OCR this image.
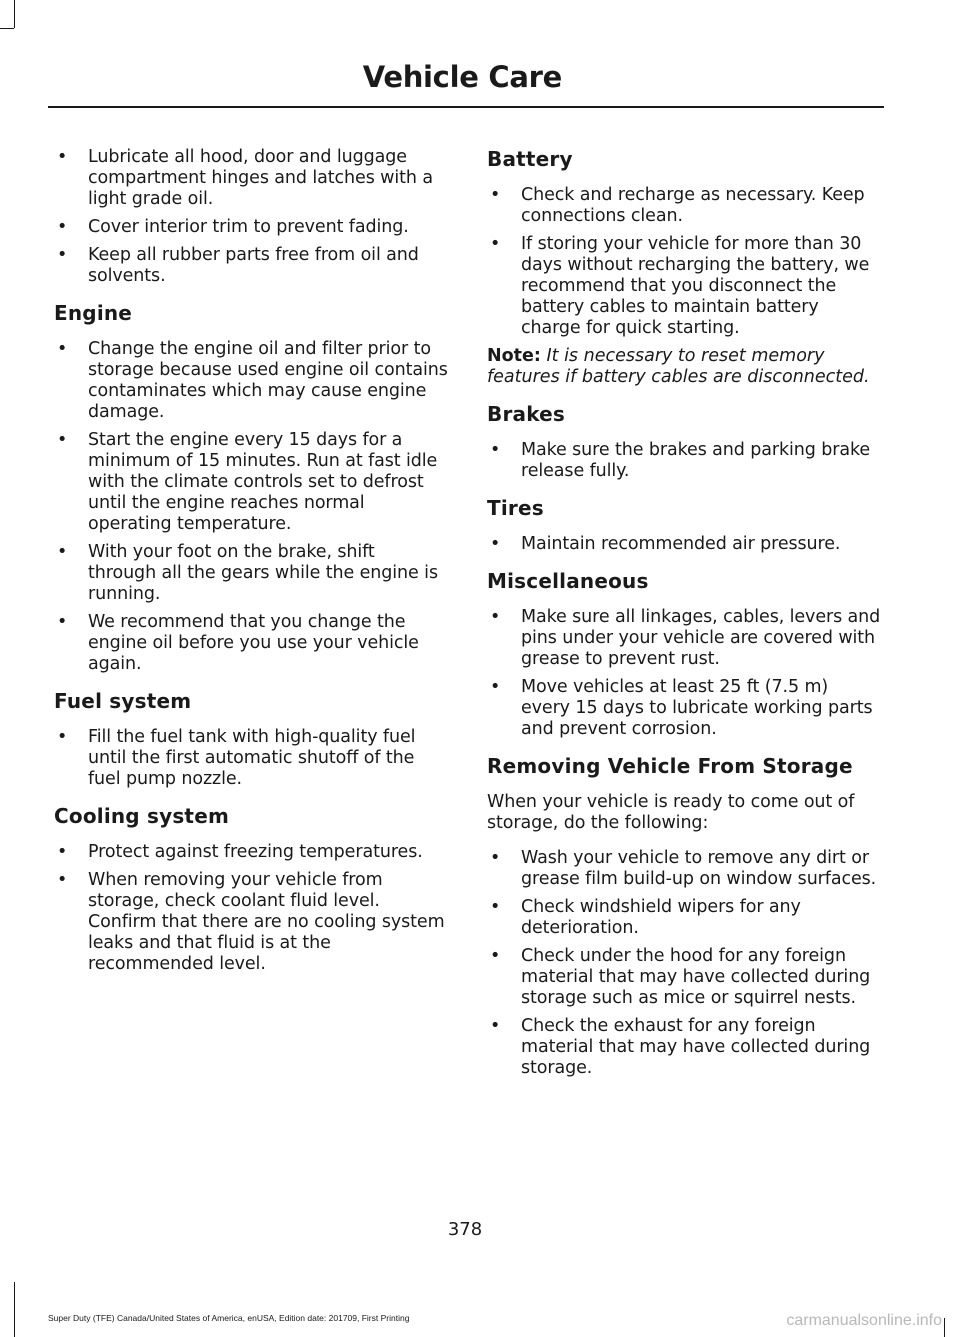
Vehicle Care
• Lubricate all hood, door and luggage compartment hinges and latches with a light grade oil.
• Cover interior trim to prevent fading.
• Keep all rubber parts free from oil and solvents.
Engine
• Change the engine oil and filter prior to storage because used engine oil contains contaminates which may cause engine damage.
• Start the engine every 15 days for a minimum of 15 minutes. Run at fast idle with the climate controls set to defrost until the engine reaches normal operating temperature.
• With your foot on the brake, shift through all the gears while the engine is running.
• We recommend that you change the engine oil before you use your vehicle again.
Fuel system
• Fill the fuel tank with high-quality fuel until the first automatic shutoff of the fuel pump nozzle.
Cooling system
• Protect against freezing temperatures.
• When removing your vehicle from storage, check coolant fluid level. Confirm that there are no cooling system leaks and that fluid is at the recommended level.
Battery
• Check and recharge as necessary. Keep connections clean.
• If storing your vehicle for more than 30 days without recharging the battery, we recommend that you disconnect the battery cables to maintain battery charge for quick starting.

Note: It is necessary to reset memory features if battery cables are disconnected.

Brakes
• Make sure the brakes and parking brake release fully.
Tires
• Maintain recommended air pressure.
Miscellaneous
• Make sure all linkages, cables, levers and pins under your vehicle are covered with grease to prevent rust.
• Move vehicles at least 25 ft (7.5 m) every 15 days to lubricate working parts and prevent corrosion.
Removing Vehicle From Storage

When your vehicle is ready to come out of storage, do the following:

• Wash your vehicle to remove any dirt or grease film build-up on window surfaces.
• Check windshield wipers for any deterioration.
• Check under the hood for any foreign material that may have collected during storage such as mice or squirrel nests.
• Check the exhaust for any foreign material that may have collected during storage.
378
Super Duty (TFE) Canada/United States of America, enUSA, Edition date: 201709, First Printing	carmanualsonline.info
